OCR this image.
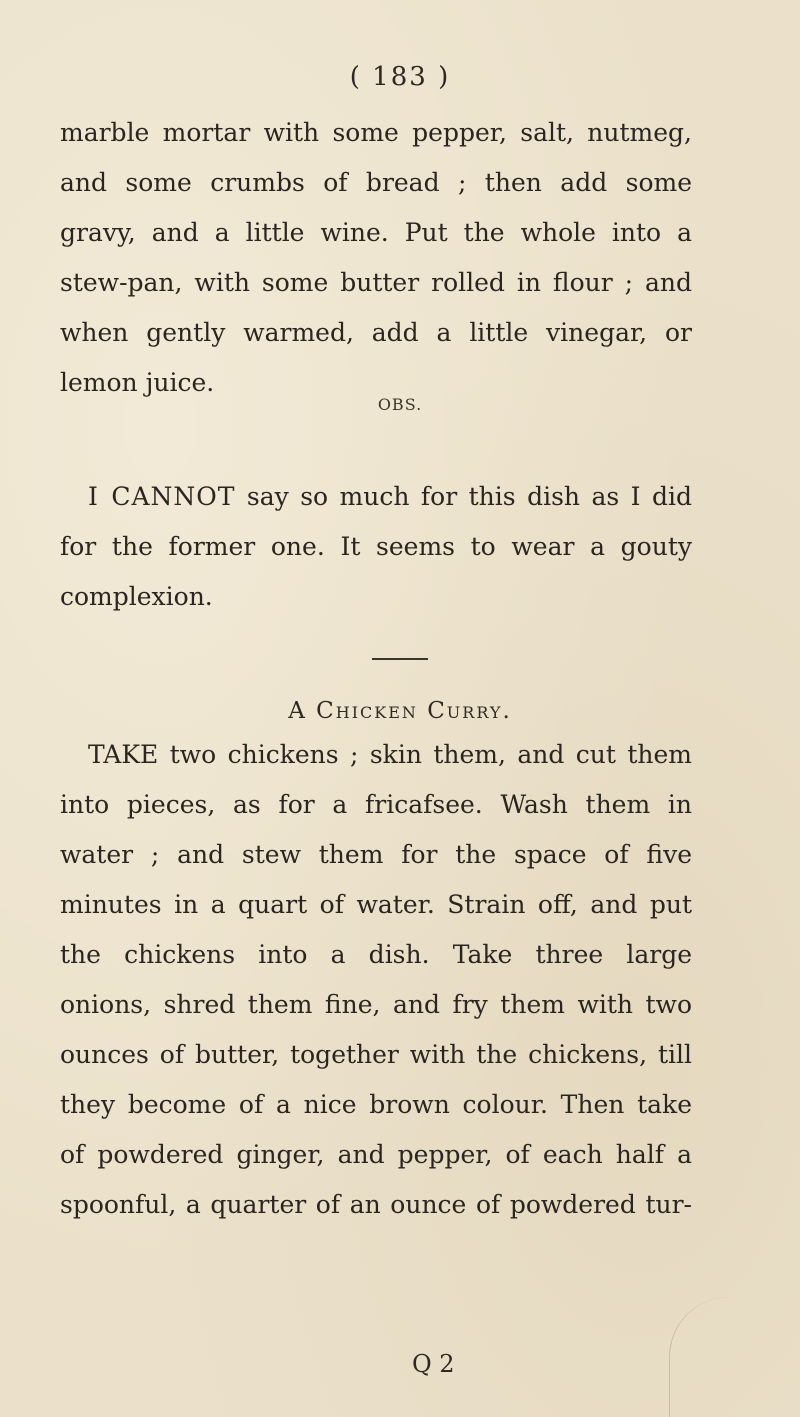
( 183 )
marble mortar with some pepper, salt, nutmeg,
and some crumbs of bread ; then add some
gravy, and a little wine. Put the whole into a
stew-pan, with some butter rolled in flour ; and
when gently warmed, add a little vinegar, or
lemon juice.
OBS.
I CANNOT say so much for this dish as I did
for the former one. It seems to wear a gouty
complexion.
A Chicken Curry.
TAKE two chickens ; skin them, and cut them
into pieces, as for a fricafsee. Wash them in
water ; and stew them for the space of five
minutes in a quart of water. Strain off, and put
the chickens into a dish. Take three large
onions, shred them fine, and fry them with two
ounces of butter, together with the chickens, till
they become of a nice brown colour. Then take
of powdered ginger, and pepper, of each half a
spoonful, a quarter of an ounce of powdered tur-
Q 2
